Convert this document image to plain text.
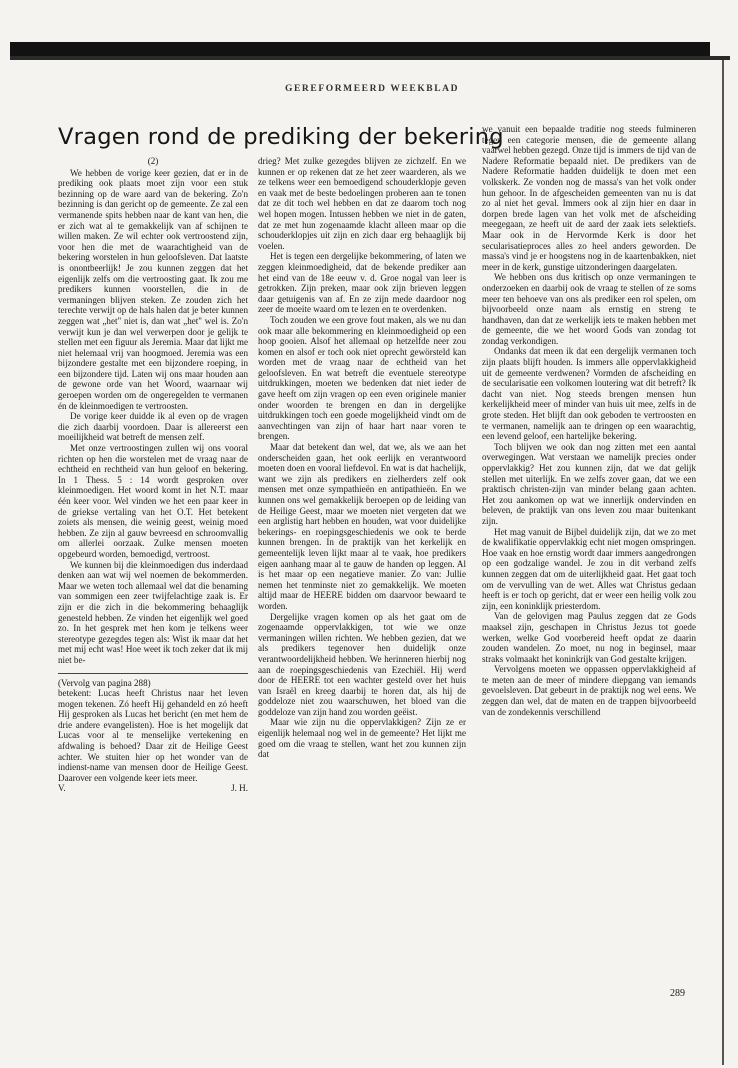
GEREFORMEERD WEEKBLAD
Vragen rond de prediking der bekering

(2)

We hebben de vorige keer gezien, dat er in de prediking ook plaats moet zijn voor een stuk bezinning op de ware aard van de bekering. Zo'n bezinning is dan gericht op de gemeente. Ze zal een vermanende spits hebben naar de kant van hen, die er zich wat al te gemakkelijk van af schijnen te willen maken. Ze wil echter ook vertroostend zijn, voor hen die met de waarachtigheid van de bekering worstelen in hun geloofsleven. Dat laatste is onontbeerlijk! Je zou kunnen zeggen dat het eigenlijk zelfs om die vertroosting gaat. Ik zou me predikers kunnen voorstellen, die in de vermaningen blijven steken. Ze zouden zich het terechte verwijt op de hals halen dat je beter kunnen zeggen wat „het" niet is, dan wat „het" wel is. Zo'n verwijt kun je dan wel verwerpen door je gelijk te stellen met een figuur als Jeremia. Maar dat lijkt me niet helemaal vrij van hoogmoed. Jeremia was een bijzondere gestalte met een bijzondere roeping, in een bijzondere tijd. Laten wij ons maar houden aan de gewone orde van het Woord, waarnaar wij geroepen worden om de ongeregelden te vermanen én de kleinmoedigen te vertroosten.

De vorige keer duidde ik al even op de vragen die zich daarbij voordoen. Daar is allereerst een moeilijkheid wat betreft de mensen zelf.

Met onze vertroostingen zullen wij ons vooral richten op hen die worstelen met de vraag naar de echtheid en rechtheid van hun geloof en bekering. In 1 Thess. 5 : 14 wordt gesproken over kleinmoedigen. Het woord komt in het N.T. maar één keer voor. Wel vinden we het een paar keer in de griekse vertaling van het O.T. Het betekent zoiets als mensen, die weinig geest, weinig moed hebben. Ze zijn al gauw bevreesd en schroomvallig om allerlei oorzaak. Zulke mensen moeten opgebeurd worden, bemoedigd, vertroost.

We kunnen bij die kleinmoedigen dus inderdaad denken aan wat wij wel noemen de bekommerden. Maar we weten toch allemaal wel dat die benaming van sommigen een zeer twijfelachtige zaak is. Er zijn er die zich in die bekommering behaaglijk genesteld hebben. Ze vinden het eigenlijk wel goed zo. In het gesprek met hen kom je telkens weer stereotype gezegdes tegen als: Wist ik maar dat het met mij echt was! Hoe weet ik toch zeker dat ik mij niet be-

(Vervolg van pagina 288)

betekent: Lucas heeft Christus naar het leven mogen tekenen. Zó heeft Hij gehandeld en zó heeft Hij gesproken als Lucas het bericht (en met hem de drie andere evangelisten). Hoe is het mogelijk dat Lucas voor al te menselijke vertekening en afdwaling is behoed? Daar zit de Heilige Geest achter. We stuiten hier op het wonder van de indienst-name van mensen door de Heilige Geest. Daarover een volgende keer iets meer.

V.	J. H.

drieg? Met zulke gezegdes blijven ze zichzelf. En we kunnen er op rekenen dat ze het zeer waarderen, als we ze telkens weer een bemoedigend schouderklopje geven en vaak met de beste bedoelingen proberen aan te tonen dat ze dit toch wel hebben en dat ze daarom toch nog wel hopen mogen. Intussen hebben we niet in de gaten, dat ze met hun zogenaamde klacht alleen maar op die schouderklopjes uit zijn en zich daar erg behaaglijk bij voelen.

Het is tegen een dergelijke bekommering, of laten we zeggen kleinmoedigheid, dat de bekende prediker aan het eind van de 18e eeuw v. d. Groe nogal van leer is getrokken. Zijn preken, maar ook zijn brieven leggen daar getuigenis van af. En ze zijn mede daardoor nog zeer de moeite waard om te lezen en te overdenken.

Toch zouden we een grove fout maken, als we nu dan ook maar alle bekommering en kleinmoedigheid op een hoop gooien. Alsof het allemaal op hetzelfde neer zou komen en alsof er toch ook niet oprecht gewörsteld kan worden met de vraag naar de echtheid van het geloofsleven. En wat betreft die eventuele stereotype uitdrukkingen, moeten we bedenken dat niet ieder de gave heeft om zijn vragen op een even originele manier onder woorden te brengen en dan in dergelijke uitdrukkingen toch een goede mogelijkheid vindt om de aanvechtingen van zijn of haar hart naar voren te brengen.

Maar dat betekent dan wel, dat we, als we aan het onderscheiden gaan, het ook eerlijk en verantwoord moeten doen en vooral liefdevol. En wat is dat hachelijk, want we zijn als predikers en zielherders zelf ook mensen met onze sympathieën en antipathieën. En we kunnen ons wel gemakkelijk beroepen op de leiding van de Heilige Geest, maar we moeten niet vergeten dat we een arglistig hart hebben en houden, wat voor duidelijke bekerings- en roepingsgeschiedenis we ook te berde kunnen brengen. In de praktijk van het kerkelijk en gemeentelijk leven lijkt maar al te vaak, hoe predikers eigen aanhang maar al te gauw de handen op leggen. Al is het maar op een negatieve manier. Zo van: Jullie nemen het tenminste niet zo gemakkelijk. We moeten altijd maar de HEERE bidden om daarvoor bewaard te worden.

Dergelijke vragen komen op als het gaat om de zogenaamde oppervlakkigen, tot wie we onze vermaningen willen richten. We hebben gezien, dat we als predikers tegenover hen duidelijk onze verantwoordelijkheid hebben. We herinneren hierbij nog aan de roepingsgeschiedenis van Ezechiël. Hij werd door de HEERE tot een wachter gesteld over het huis van Israël en kreeg daarbij te horen dat, als hij de goddeloze niet zou waarschuwen, het bloed van die goddeloze van zijn hand zou worden geëist.

Maar wie zijn nu die oppervlakkigen? Zijn ze er eigenlijk helemaal nog wel in de gemeente? Het lijkt me goed om die vraag te stellen, want het zou kunnen zijn dat

we vanuit een bepaalde traditie nog steeds fulmineren tegen een categorie mensen, die de gemeente allang vaarwel hebben gezegd. Onze tijd is immers de tijd van de Nadere Reformatie bepaald niet. De predikers van de Nadere Reformatie hadden duidelijk te doen met een volkskerk. Ze vonden nog de massa's van het volk onder hun gehoor. In de afgescheiden gemeenten van nu is dat zo al niet het geval. Immers ook al zijn hier en daar in dorpen brede lagen van het volk met de afscheiding meegegaan, ze heeft uit de aard der zaak iets selektiefs. Maar ook in de Hervormde Kerk is door het secularisatieproces alles zo heel anders geworden. De massa's vind je er hoogstens nog in de kaartenbakken, niet meer in de kerk, gunstige uitzonderingen daargelaten.

We hebben ons dus kritisch op onze vermaningen te onderzoeken en daarbij ook de vraag te stellen of ze soms meer ten behoeve van ons als prediker een rol spelen, om bijvoorbeeld onze naam als ernstig en streng te handhaven, dan dat ze werkelijk iets te maken hebben met de gemeente, die we het woord Gods van zondag tot zondag verkondigen.

Ondanks dat meen ik dat een dergelijk vermanen toch zijn plaats blijft houden. Is immers alle oppervlakkigheid uit de gemeente verdwenen? Vormden de afscheiding en de secularisatie een volkomen loutering wat dit betreft? Ik dacht van niet. Nog steeds brengen mensen hun kerkelijkheid meer of minder van huis uit mee, zelfs in de grote steden. Het blijft dan ook geboden te vertroosten en te vermanen, namelijk aan te dringen op een waarachtig, een levend geloof, een hartelijke bekering.

Toch blijven we ook dan nog zitten met een aantal overwegingen. Wat verstaan we namelijk precies onder oppervlakkig? Het zou kunnen zijn, dat we dat gelijk stellen met uiterlijk. En we zelfs zover gaan, dat we een praktisch christen-zijn van minder belang gaan achten. Het zou aankomen op wat we innerlijk ondervinden en beleven, de praktijk van ons leven zou maar buitenkant zijn.

Het mag vanuit de Bijbel duidelijk zijn, dat we zo met de kwalifikatie oppervlakkig echt niet mogen omspringen. Hoe vaak en hoe ernstig wordt daar immers aangedrongen op een godzalige wandel. Je zou in dit verband zelfs kunnen zeggen dat om de uiterlijkheid gaat. Het gaat toch om de vervulling van de wet. Alles wat Christus gedaan heeft is er toch op gericht, dat er weer een heilig volk zou zijn, een koninklijk priesterdom.

Van de gelovigen mag Paulus zeggen dat ze Gods maaksel zijn, geschapen in Christus Jezus tot goede werken, welke God voorbereid heeft opdat ze daarin zouden wandelen. Zo moet, nu nog in beginsel, maar straks volmaakt het koninkrijk van God gestalte krijgen.

Vervolgens moeten we oppassen oppervlakkigheid af te meten aan de meer of mindere diepgang van iemands gevoelsleven. Dat gebeurt in de praktijk nog wel eens. We zeggen dan wel, dat de maten en de trappen bijvoorbeeld van de zondekennis verschillend

289
